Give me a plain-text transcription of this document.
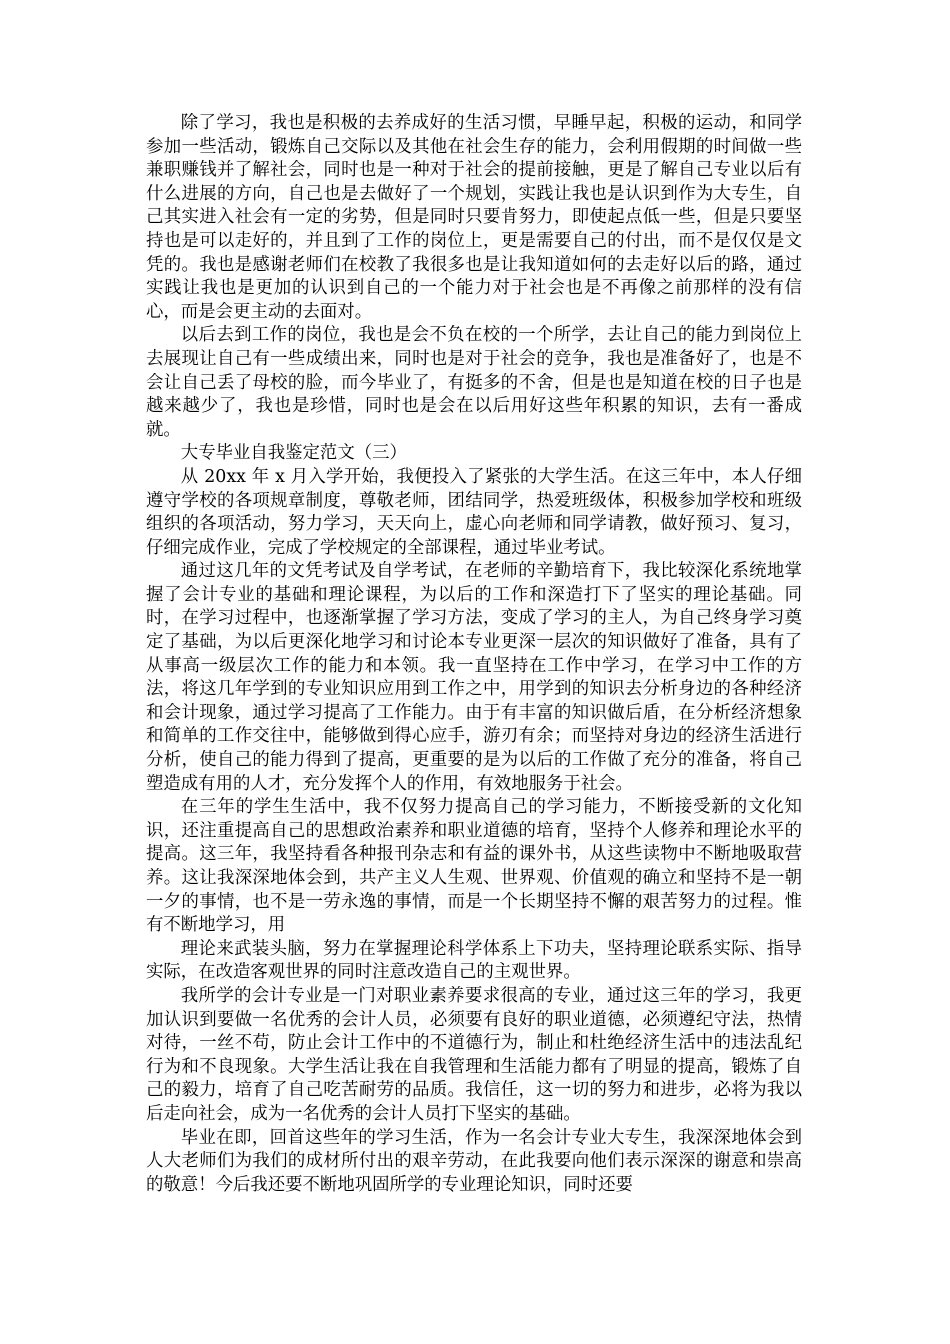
除了学习，我也是积极的去养成好的生活习惯，早睡早起，积极的运动，和同学参加一些活动，锻炼自己交际以及其他在社会生存的能力，会利用假期的时间做一些兼职赚钱并了解社会，同时也是一种对于社会的提前接触，更是了解自己专业以后有什么进展的方向，自己也是去做好了一个规划，实践让我也是认识到作为大专生，自己其实进入社会有一定的劣势，但是同时只要肯努力，即使起点低一些，但是只要坚持也是可以走好的，并且到了工作的岗位上，更是需要自己的付出，而不是仅仅是文凭的。我也是感谢老师们在校教了我很多也是让我知道如何的去走好以后的路，通过实践让我也是更加的认识到自己的一个能力对于社会也是不再像之前那样的没有信心，而是会更主动的去面对。

以后去到工作的岗位，我也是会不负在校的一个所学，去让自己的能力到岗位上去展现让自己有一些成绩出来，同时也是对于社会的竞争，我也是准备好了，也是不会让自己丢了母校的脸，而今毕业了，有挺多的不舍，但是也是知道在校的日子也是越来越少了，我也是珍惜，同时也是会在以后用好这些年积累的知识，去有一番成就。

大专毕业自我鉴定范文（三）

从 20xx 年 x 月入学开始，我便投入了紧张的大学生活。在这三年中，本人仔细遵守学校的各项规章制度，尊敬老师，团结同学，热爱班级体，积极参加学校和班级组织的各项活动，努力学习，天天向上，虚心向老师和同学请教，做好预习、复习，仔细完成作业，完成了学校规定的全部课程，通过毕业考试。

通过这几年的文凭考试及自学考试，在老师的辛勤培育下，我比较深化系统地掌握了会计专业的基础和理论课程，为以后的工作和深造打下了坚实的理论基础。同时，在学习过程中，也逐渐掌握了学习方法，变成了学习的主人，为自己终身学习奠定了基础，为以后更深化地学习和讨论本专业更深一层次的知识做好了准备，具有了从事高一级层次工作的能力和本领。我一直坚持在工作中学习，在学习中工作的方法，将这几年学到的专业知识应用到工作之中，用学到的知识去分析身边的各种经济和会计现象，通过学习提高了工作能力。由于有丰富的知识做后盾，在分析经济想象和简单的工作交往中，能够做到得心应手，游刃有余；而坚持对身边的经济生活进行分析，使自己的能力得到了提高，更重要的是为以后的工作做了充分的准备，将自己塑造成有用的人才，充分发挥个人的作用，有效地服务于社会。

在三年的学生生活中，我不仅努力提高自己的学习能力，不断接受新的文化知识，还注重提高自己的思想政治素养和职业道德的培育，坚持个人修养和理论水平的提高。这三年，我坚持看各种报刊杂志和有益的课外书，从这些读物中不断地吸取营养。这让我深深地体会到，共产主义人生观、世界观、价值观的确立和坚持不是一朝一夕的事情，也不是一劳永逸的事情，而是一个长期坚持不懈的艰苦努力的过程。惟有不断地学习，用

理论来武装头脑，努力在掌握理论科学体系上下功夫，坚持理论联系实际、指导实际，在改造客观世界的同时注意改造自己的主观世界。

我所学的会计专业是一门对职业素养要求很高的专业，通过这三年的学习，我更加认识到要做一名优秀的会计人员，必须要有良好的职业道德，必须遵纪守法，热情对待，一丝不苟，防止会计工作中的不道德行为，制止和杜绝经济生活中的违法乱纪行为和不良现象。大学生活让我在自我管理和生活能力都有了明显的提高，锻炼了自己的毅力，培育了自己吃苦耐劳的品质。我信任，这一切的努力和进步，必将为我以后走向社会，成为一名优秀的会计人员打下坚实的基础。

毕业在即，回首这些年的学习生活，作为一名会计专业大专生，我深深地体会到人大老师们为我们的成材所付出的艰辛劳动，在此我要向他们表示深深的谢意和崇高的敬意！今后我还要不断地巩固所学的专业理论知识，同时还要
